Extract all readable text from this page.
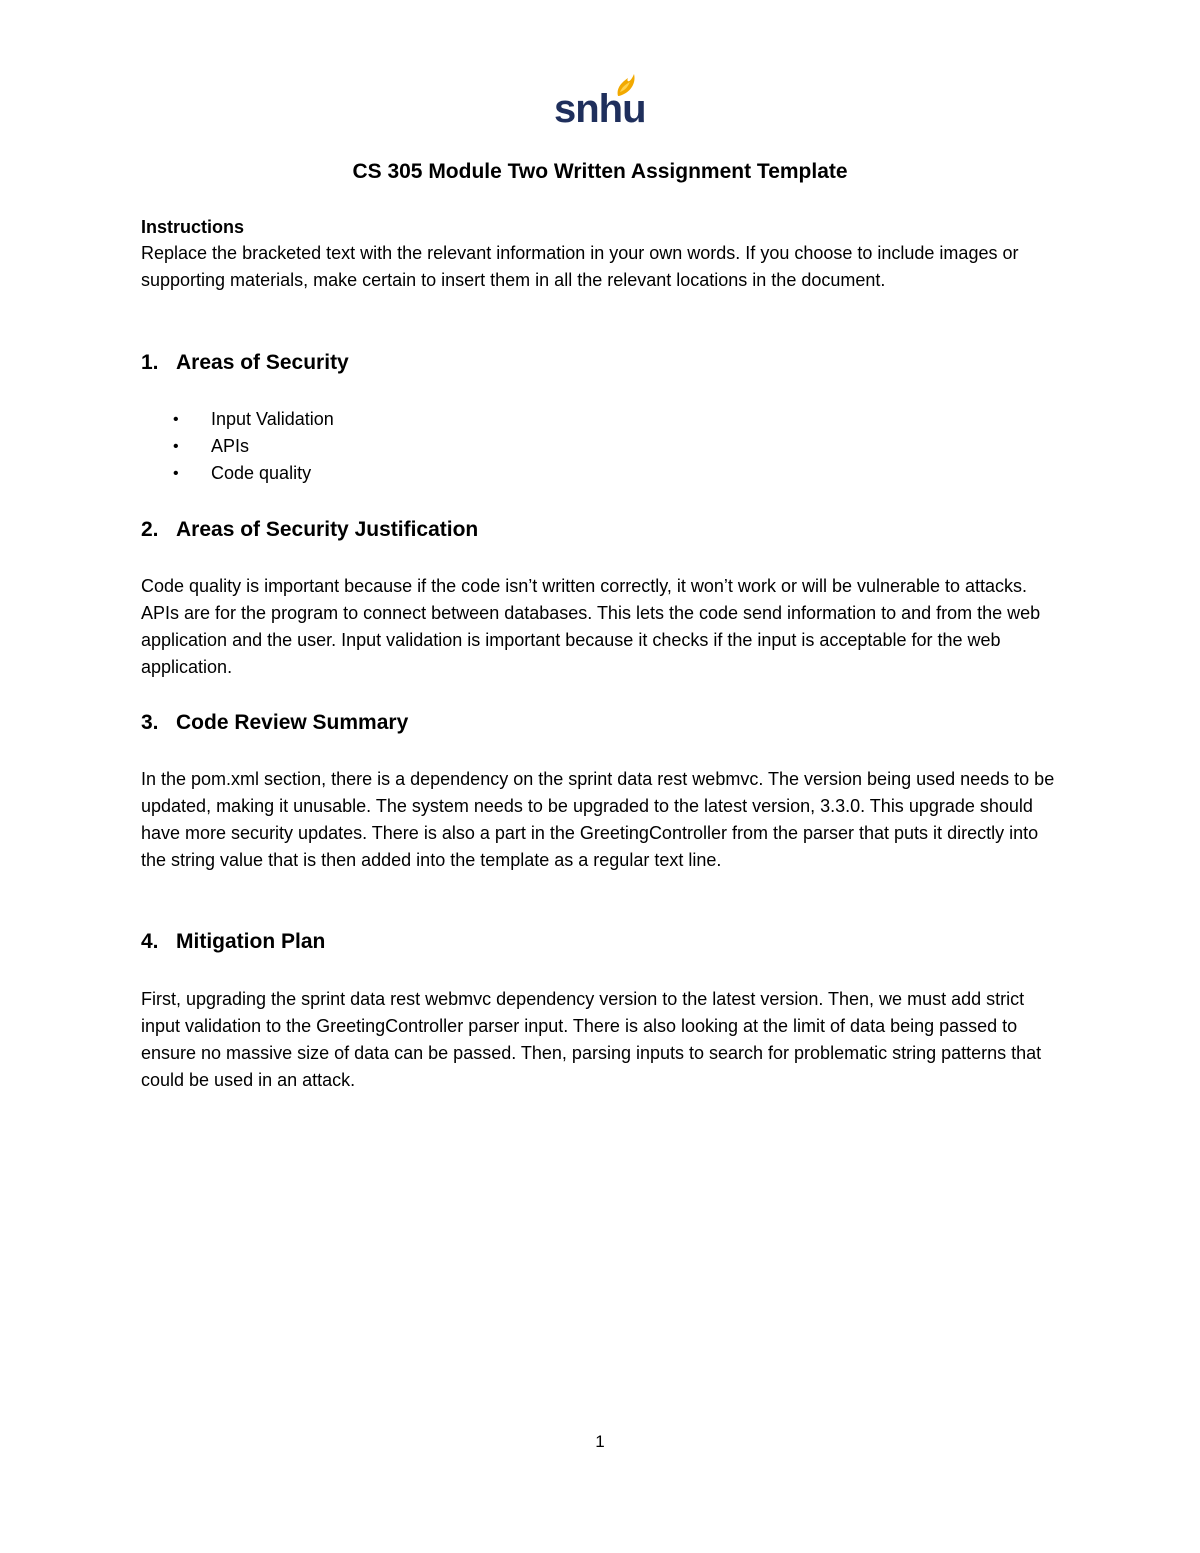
snhu
CS 305 Module Two Written Assignment Template
Instructions
Replace the bracketed text with the relevant information in your own words. If you choose to include images or supporting materials, make certain to insert them in all the relevant locations in the document.
1. Areas of Security
•	Input Validation
•	APIs
•	Code quality
2. Areas of Security Justification
Code quality is important because if the code isn’t written correctly, it won’t work or will be vulnerable to attacks. APIs are for the program to connect between databases. This lets the code send information to and from the web application and the user. Input validation is important because it checks if the input is acceptable for the web application.
3. Code Review Summary
In the pom.xml section, there is a dependency on the sprint data rest webmvc. The version being used needs to be updated, making it unusable. The system needs to be upgraded to the latest version, 3.3.0. This upgrade should have more security updates. There is also a part in the GreetingController from the parser that puts it directly into the string value that is then added into the template as a regular text line.
4. Mitigation Plan
First, upgrading the sprint data rest webmvc dependency version to the latest version. Then, we must add strict input validation to the GreetingController parser input. There is also looking at the limit of data being passed to ensure no massive size of data can be passed. Then, parsing inputs to search for problematic string patterns that could be used in an attack.
1
